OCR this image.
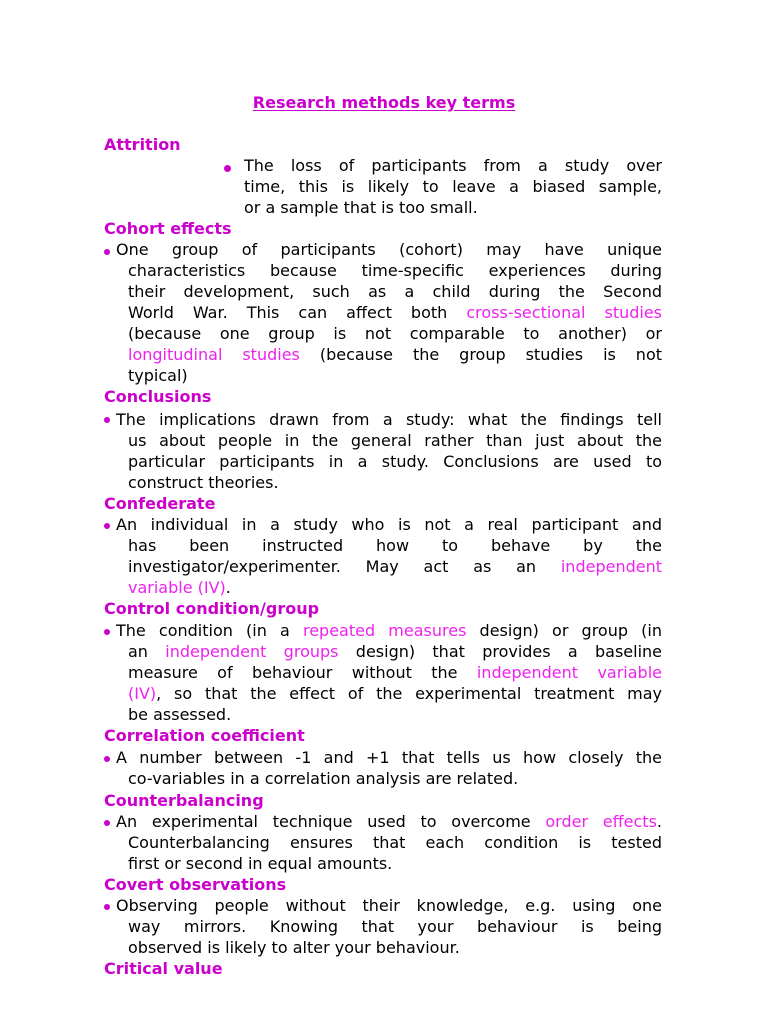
Research methods key terms
Attrition
The loss of participants from a study over
time, this is likely to leave a biased sample,
or a sample that is too small.
Cohort effects
One group of participants (cohort) may have unique
characteristics because time-specific experiences during
their development, such as a child during the Second
World War. This can affect both cross-sectional studies
(because one group is not comparable to another) or
longitudinal studies (because the group studies is not
typical)
Conclusions
The implications drawn from a study: what the findings tell
us about people in the general rather than just about the
particular participants in a study. Conclusions are used to
construct theories.
Confederate
An individual in a study who is not a real participant and
has been instructed how to behave by the
investigator/experimenter. May act as an independent
variable (IV).
Control condition/group
The condition (in a repeated measures design) or group (in
an independent groups design) that provides a baseline
measure of behaviour without the independent variable
(IV), so that the effect of the experimental treatment may
be assessed.
Correlation coefficient
A number between -1 and +1 that tells us how closely the
co-variables in a correlation analysis are related.
Counterbalancing
An experimental technique used to overcome order effects.
Counterbalancing ensures that each condition is tested
first or second in equal amounts.
Covert observations
Observing people without their knowledge, e.g. using one
way mirrors. Knowing that your behaviour is being
observed is likely to alter your behaviour.
Critical value
